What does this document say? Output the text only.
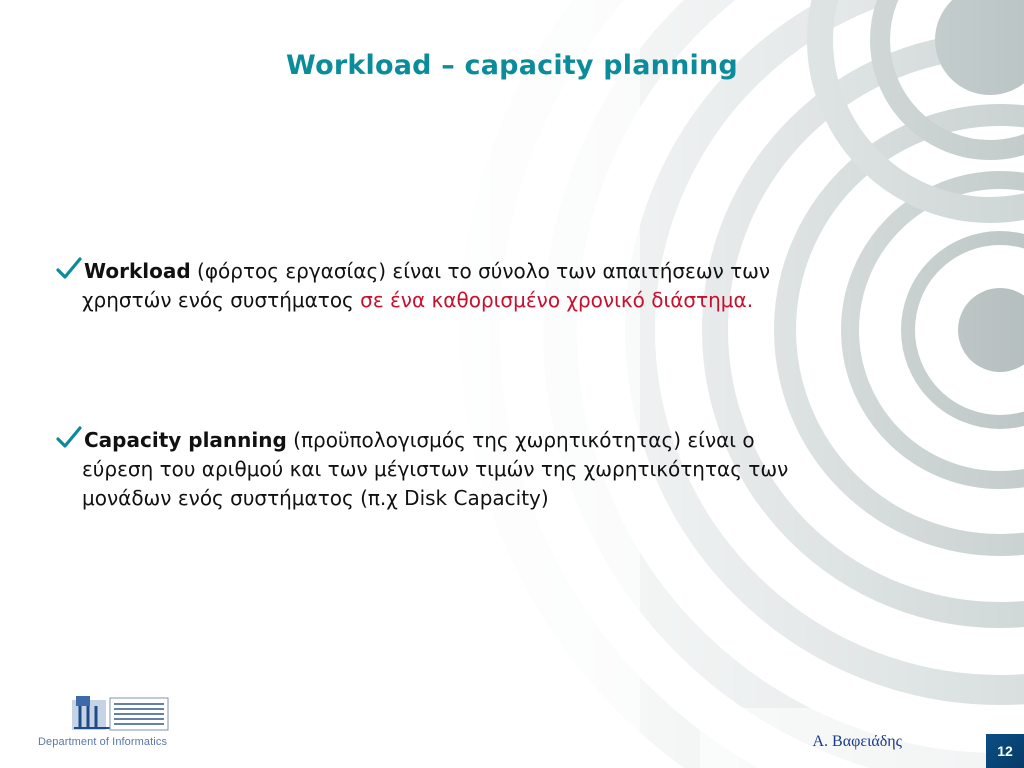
Workload – capacity planning
Workload (φόρτος εργασίας) είναι το σύνολο των απαιτήσεων των
χρηστών ενός συστήματος σε ένα καθορισμένο χρονικό διάστημα.
Capacity planning (προϋπολογισμός της χωρητικότητας) είναι ο
εύρεση του αριθμού και των μέγιστων τιμών της χωρητικότητας των
μονάδων ενός συστήματος (π.χ Disk Capacity)
Department of Informatics	Α. Βαφειάδης
12
